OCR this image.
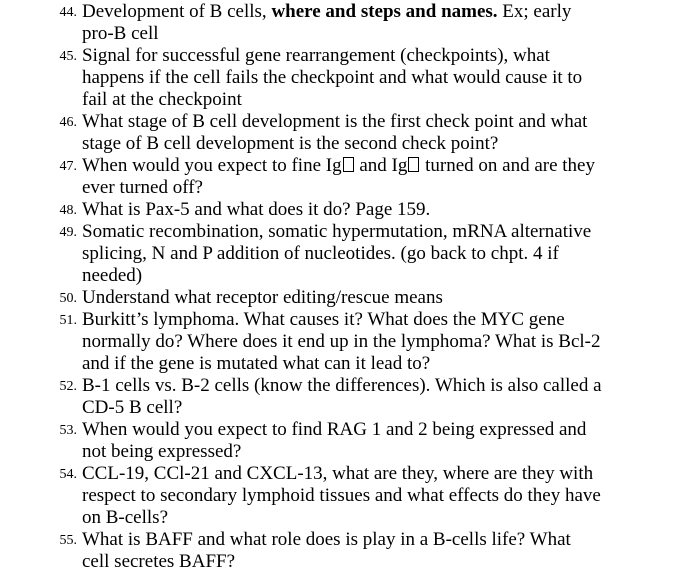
44. Development of B cells, where and steps and names. Ex; early pro-B cell
45. Signal for successful gene rearrangement (checkpoints), what happens if the cell fails the checkpoint and what would cause it to fail at the checkpoint
46. What stage of B cell development is the first check point and what stage of B cell development is the second check point?
47. When would you expect to fine Ig and Ig turned on and are they ever turned off?
48. What is Pax-5 and what does it do? Page 159.
49. Somatic recombination, somatic hypermutation, mRNA alternative splicing, N and P addition of nucleotides. (go back to chpt. 4 if needed)
50. Understand what receptor editing/rescue means
51. Burkitt’s lymphoma. What causes it? What does the MYC gene normally do? Where does it end up in the lymphoma? What is Bcl-2 and if the gene is mutated what can it lead to?
52. B-1 cells vs. B-2 cells (know the differences). Which is also called a CD-5 B cell?
53. When would you expect to find RAG 1 and 2 being expressed and not being expressed?
54. CCL-19, CCl-21 and CXCL-13, what are they, where are they with respect to secondary lymphoid tissues and what effects do they have on B-cells?
55. What is BAFF and what role does is play in a B-cells life? What cell secretes BAFF?
